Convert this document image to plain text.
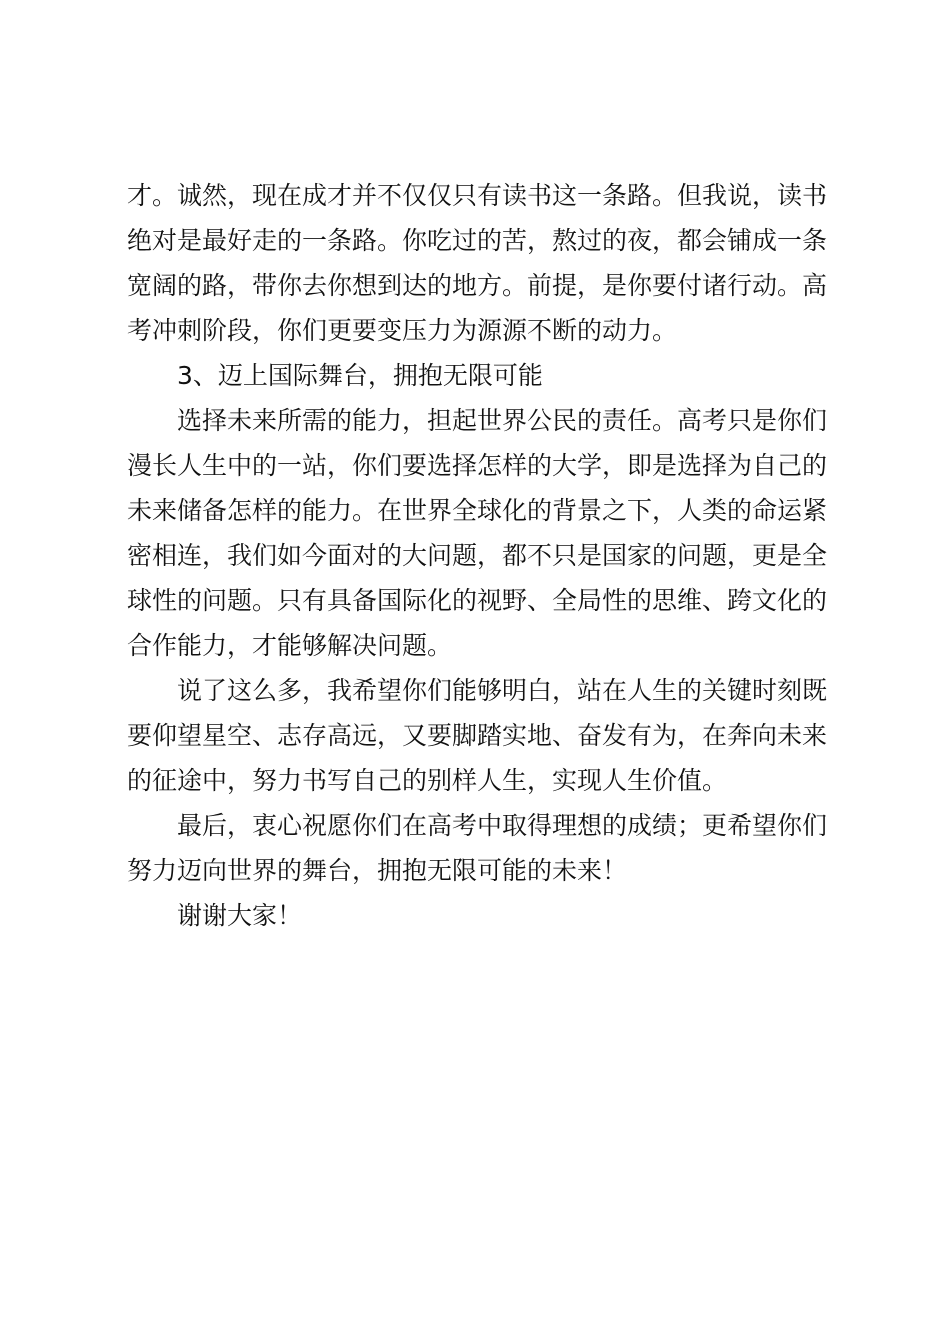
才。诚然，现在成才并不仅仅只有读书这一条路。但我说，读书绝对是最好走的一条路。你吃过的苦，熬过的夜，都会铺成一条宽阔的路，带你去你想到达的地方。前提，是你要付诸行动。高考冲刺阶段，你们更要变压力为源源不断的动力。

3、迈上国际舞台，拥抱无限可能

选择未来所需的能力，担起世界公民的责任。高考只是你们漫长人生中的一站，你们要选择怎样的大学，即是选择为自己的未来储备怎样的能力。在世界全球化的背景之下，人类的命运紧密相连，我们如今面对的大问题，都不只是国家的问题，更是全球性的问题。只有具备国际化的视野、全局性的思维、跨文化的合作能力，才能够解决问题。

说了这么多，我希望你们能够明白，站在人生的关键时刻既要仰望星空、志存高远，又要脚踏实地、奋发有为，在奔向未来的征途中，努力书写自己的别样人生，实现人生价值。

最后，衷心祝愿你们在高考中取得理想的成绩；更希望你们努力迈向世界的舞台，拥抱无限可能的未来！

谢谢大家！
